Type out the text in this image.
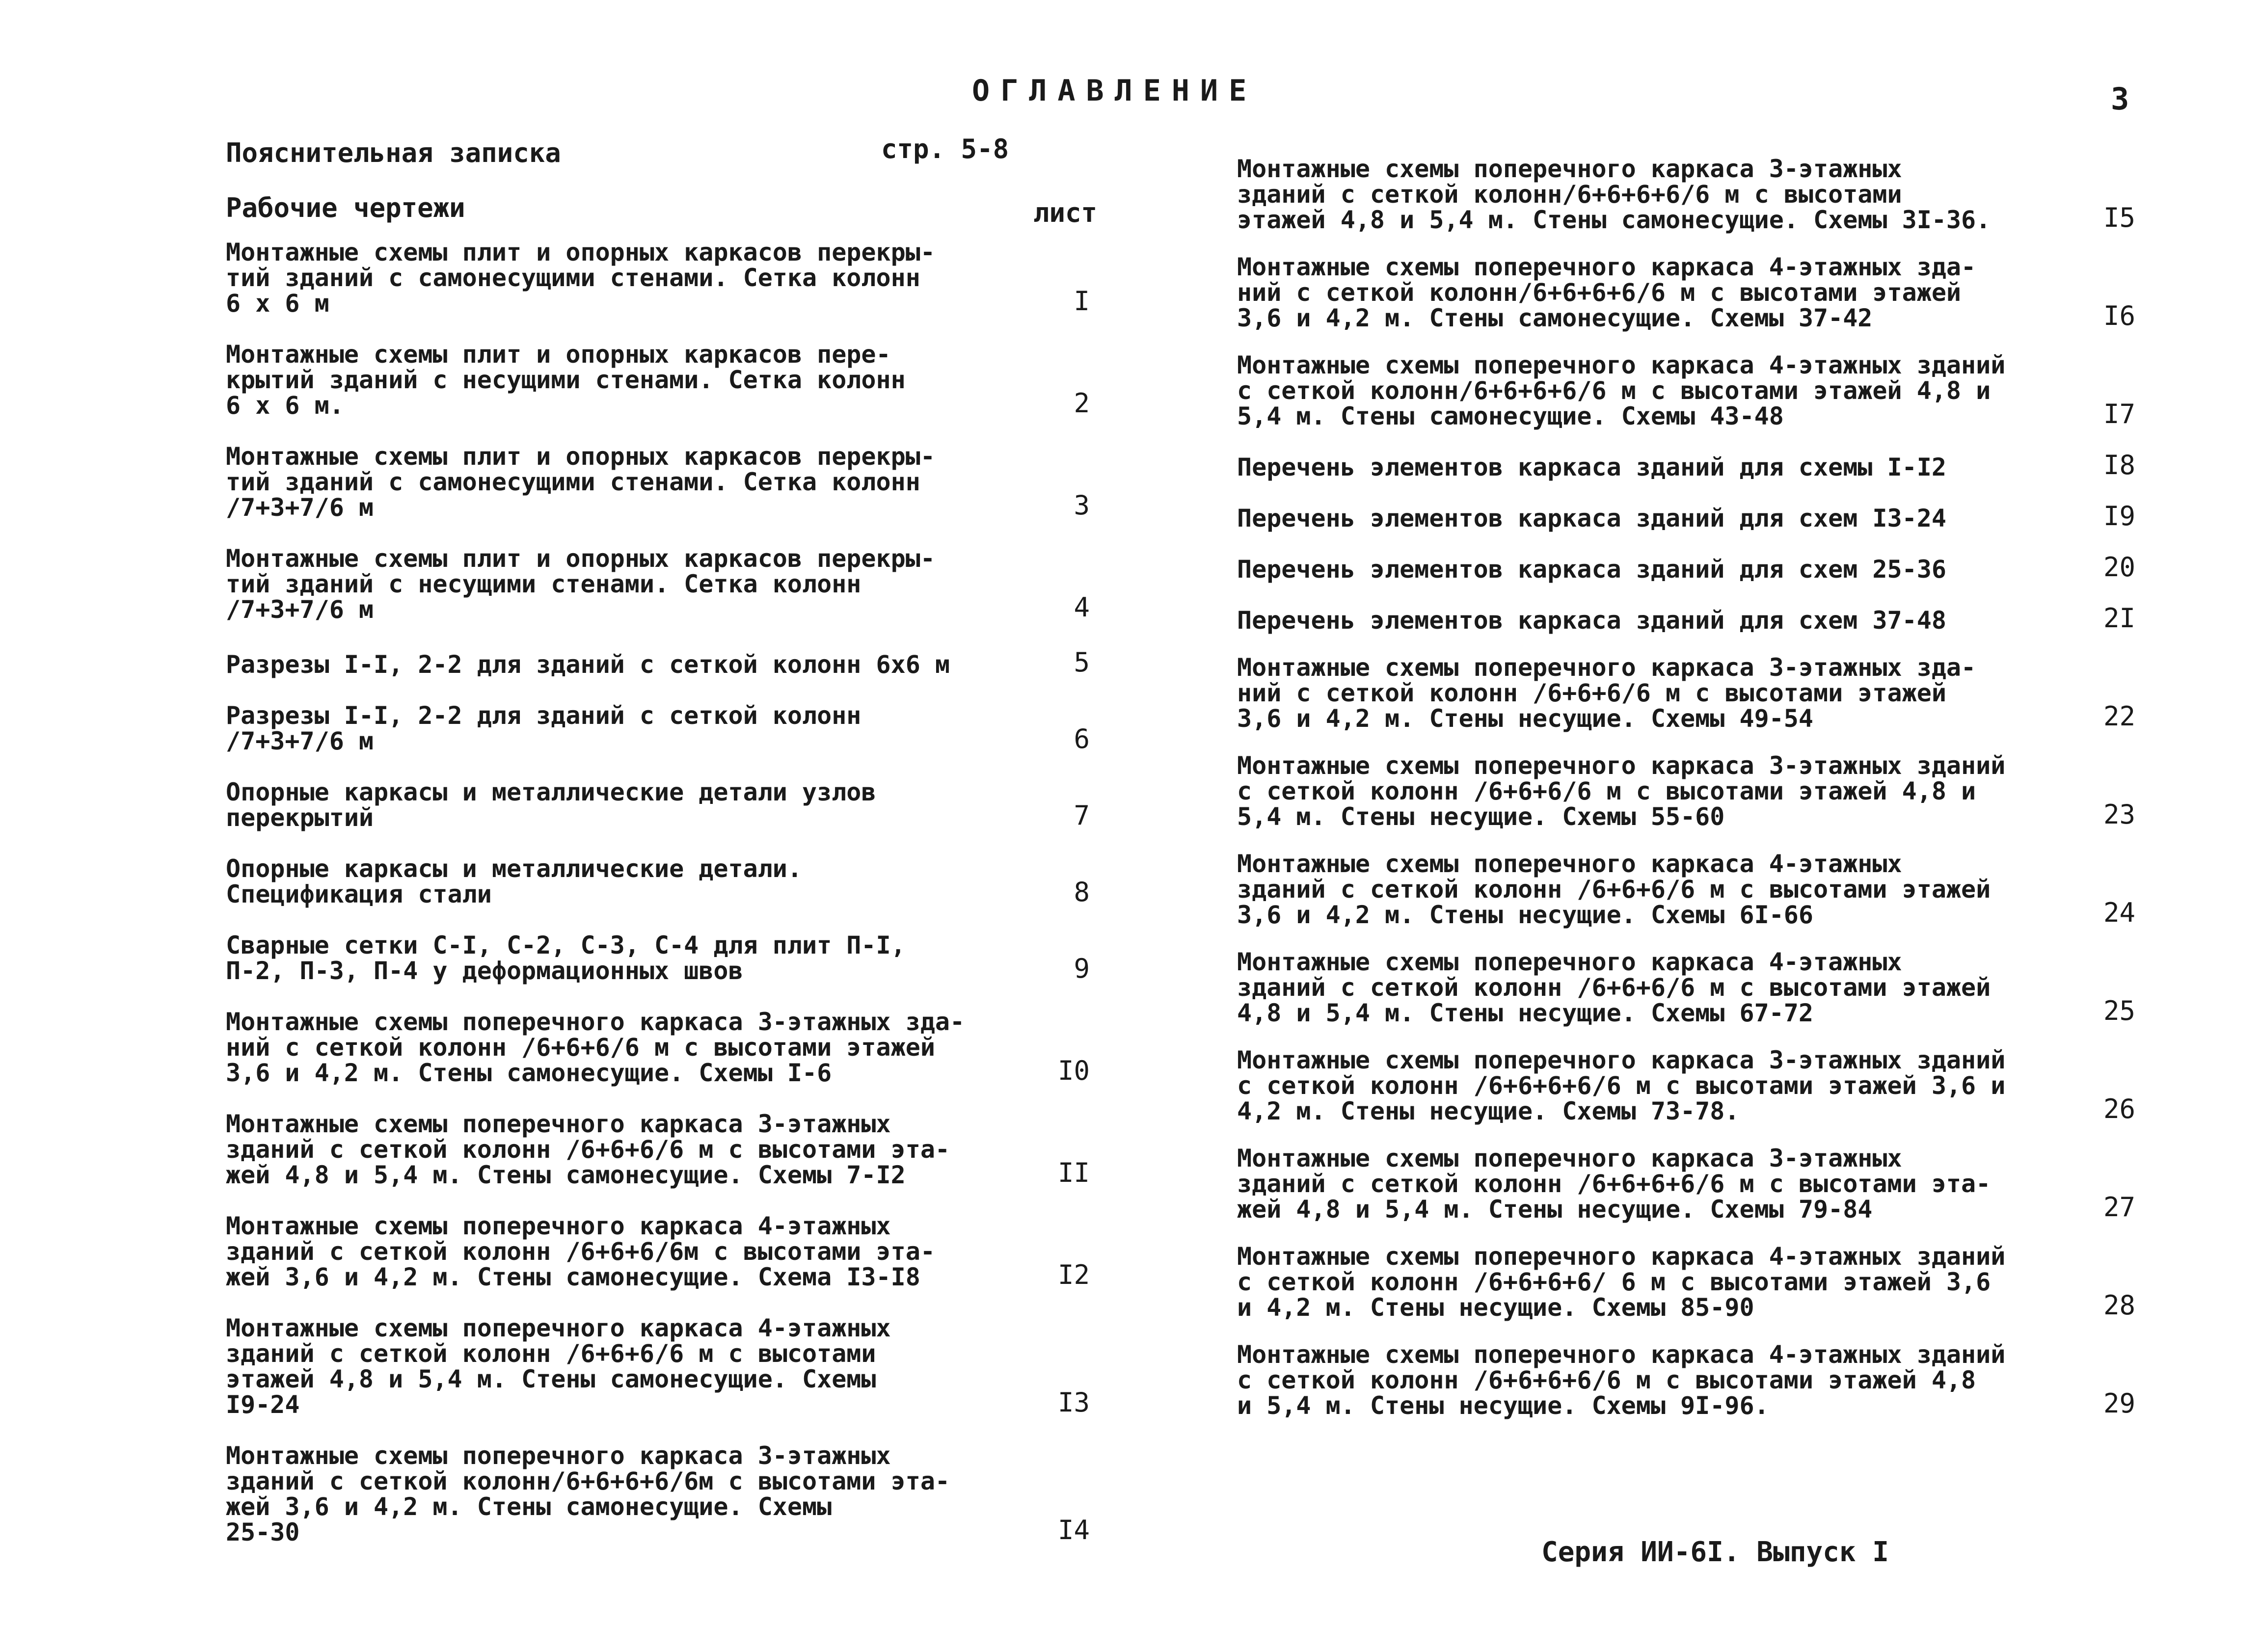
ОГЛАВЛЕНИЕ	3
Пояснительная записка	стр. 5-8
Рабочие чертежи	лист
Монтажные схемы плит и опорных каркасов перекры-
тий зданий с самонесущими стенами. Сетка колонн
6 х 6 м	I
Монтажные схемы плит и опорных каркасов пере-
крытий зданий с несущими стенами. Сетка колонн
6 х 6 м.	2
Монтажные схемы плит и опорных каркасов перекры-
тий зданий с самонесущими стенами. Сетка колонн
/7+3+7/6 м	3
Монтажные схемы плит и опорных каркасов перекры-
тий зданий с несущими стенами. Сетка колонн
/7+3+7/6 м	4
Разрезы I-I, 2-2 для зданий с сеткой колонн 6х6 м	5
Разрезы I-I, 2-2 для зданий с сеткой колонн
/7+3+7/6 м	6
Опорные каркасы и металлические детали узлов
перекрытий	7
Опорные каркасы и металлические детали.
Спецификация стали	8
Сварные сетки С-I, С-2, С-3, С-4 для плит П-I,
П-2, П-3, П-4 у деформационных швов	9
Монтажные схемы поперечного каркаса 3-этажных зда-
ний с сеткой колонн /6+6+6/6 м с высотами этажей
3,6 и 4,2 м. Стены самонесущие. Схемы I-6	I0
Монтажные схемы поперечного каркаса 3-этажных
зданий с сеткой колонн /6+6+6/6 м с высотами эта-
жей 4,8 и 5,4 м. Стены самонесущие. Схемы 7-I2	II
Монтажные схемы поперечного каркаса 4-этажных
зданий с сеткой колонн /6+6+6/6м с высотами эта-
жей 3,6 и 4,2 м. Стены самонесущие. Схема I3-I8	I2
Монтажные схемы поперечного каркаса 4-этажных
зданий с сеткой колонн /6+6+6/6 м с высотами
этажей 4,8 и 5,4 м. Стены самонесущие. Схемы
I9-24	I3
Монтажные схемы поперечного каркаса 3-этажных
зданий с сеткой колонн/6+6+6+6/6м с высотами эта-
жей 3,6 и 4,2 м. Стены самонесущие. Схемы
25-30	I4
Монтажные схемы поперечного каркаса 3-этажных
зданий с сеткой колонн/6+6+6+6/6 м с высотами
этажей 4,8 и 5,4 м. Стены самонесущие. Схемы 3I-36.	I5
Монтажные схемы поперечного каркаса 4-этажных зда-
ний с сеткой колонн/6+6+6+6/6 м с высотами этажей
3,6 и 4,2 м. Стены самонесущие. Схемы 37-42	I6
Монтажные схемы поперечного каркаса 4-этажных зданий
с сеткой колонн/6+6+6+6/6 м с высотами этажей 4,8 и
5,4 м. Стены самонесущие. Схемы 43-48	I7
Перечень элементов каркаса зданий для схемы I-I2	I8
Перечень элементов каркаса зданий для схем I3-24	I9
Перечень элементов каркаса зданий для схем 25-36	20
Перечень элементов каркаса зданий для схем 37-48	2I
Монтажные схемы поперечного каркаса 3-этажных зда-
ний с сеткой колонн /6+6+6/6 м с высотами этажей
3,6 и 4,2 м. Стены несущие. Схемы 49-54	22
Монтажные схемы поперечного каркаса 3-этажных зданий
с сеткой колонн /6+6+6/6 м с высотами этажей 4,8 и
5,4 м. Стены несущие. Схемы 55-60	23
Монтажные схемы поперечного каркаса 4-этажных
зданий с сеткой колонн /6+6+6/6 м с высотами этажей
3,6 и 4,2 м. Стены несущие. Схемы 6I-66	24
Монтажные схемы поперечного каркаса 4-этажных
зданий с сеткой колонн /6+6+6/6 м с высотами этажей
4,8 и 5,4 м. Стены несущие. Схемы 67-72	25
Монтажные схемы поперечного каркаса 3-этажных зданий
с сеткой колонн /6+6+6+6/6 м с высотами этажей 3,6 и
4,2 м. Стены несущие. Схемы 73-78.	26
Монтажные схемы поперечного каркаса 3-этажных
зданий с сеткой колонн /6+6+6+6/6 м с высотами эта-
жей 4,8 и 5,4 м. Стены несущие. Схемы 79-84	27
Монтажные схемы поперечного каркаса 4-этажных зданий
с сеткой колонн /6+6+6+6/ 6 м с высотами этажей 3,6
и 4,2 м. Стены несущие. Схемы 85-90	28
Монтажные схемы поперечного каркаса 4-этажных зданий
с сеткой колонн /6+6+6+6/6 м с высотами этажей 4,8
и 5,4 м. Стены несущие. Схемы 9I-96.	29
Серия ИИ-6I. Выпуск I
